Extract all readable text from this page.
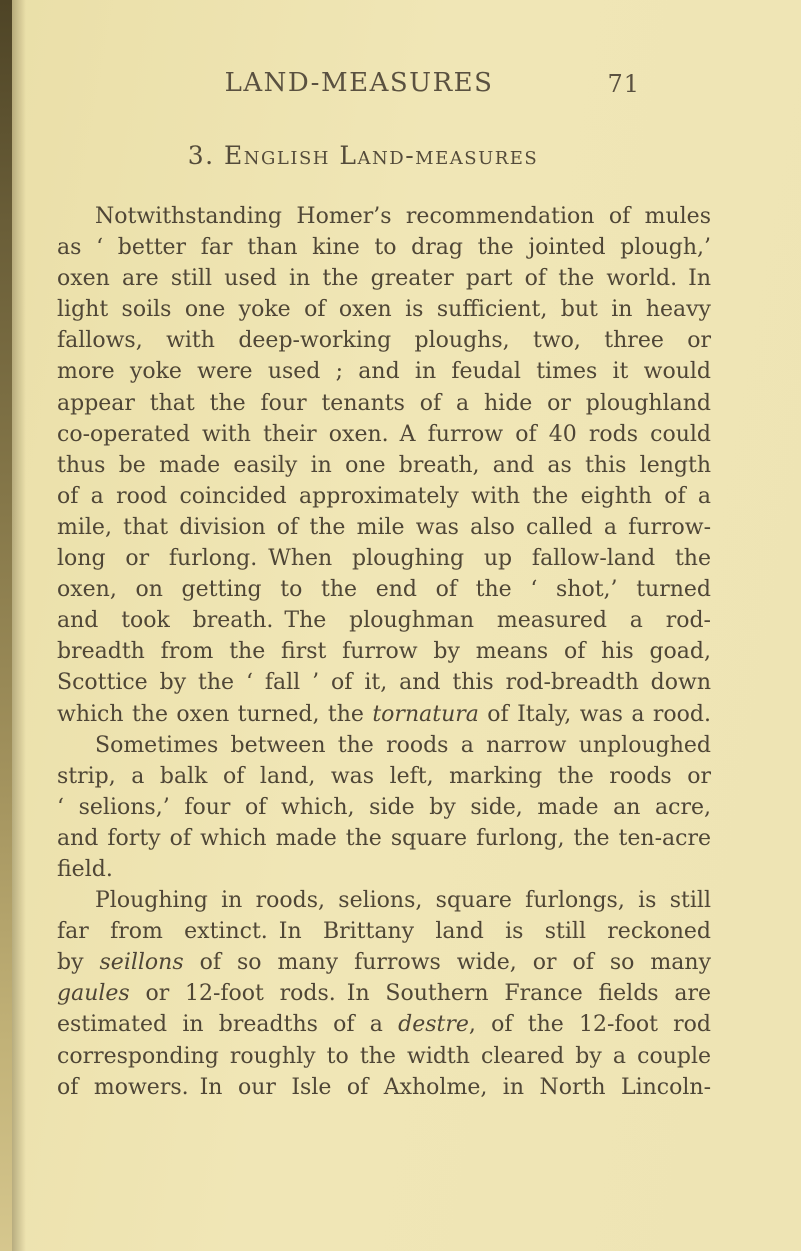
LAND-MEASURES	71
3. English Land-measures
Notwithstanding Homer’s recommendation of mules
as ‘ better far than kine to drag the jointed plough,’
oxen are still used in the greater part of the world. In
light soils one yoke of oxen is sufficient, but in heavy
fallows, with deep-working ploughs, two, three or
more yoke were used ; and in feudal times it would
appear that the four tenants of a hide or ploughland
co-operated with their oxen. A furrow of 40 rods could
thus be made easily in one breath, and as this length
of a rood coincided approximately with the eighth of a
mile, that division of the mile was also called a furrow-
long or furlong. When ploughing up fallow-land the
oxen, on getting to the end of the ‘ shot,’ turned
and took breath. The ploughman measured a rod-
breadth from the first furrow by means of his goad,
Scottice by the ‘ fall ’ of it, and this rod-breadth down
which the oxen turned, the tornatura of Italy, was a rood.
Sometimes between the roods a narrow unploughed
strip, a balk of land, was left, marking the roods or
‘ selions,’ four of which, side by side, made an acre,
and forty of which made the square furlong, the ten-acre
field.
Ploughing in roods, selions, square furlongs, is still
far from extinct. In Brittany land is still reckoned
by seillons of so many furrows wide, or of so many
gaules or 12-foot rods. In Southern France fields are
estimated in breadths of a destre, of the 12-foot rod
corresponding roughly to the width cleared by a couple
of mowers. In our Isle of Axholme, in North Lincoln-
